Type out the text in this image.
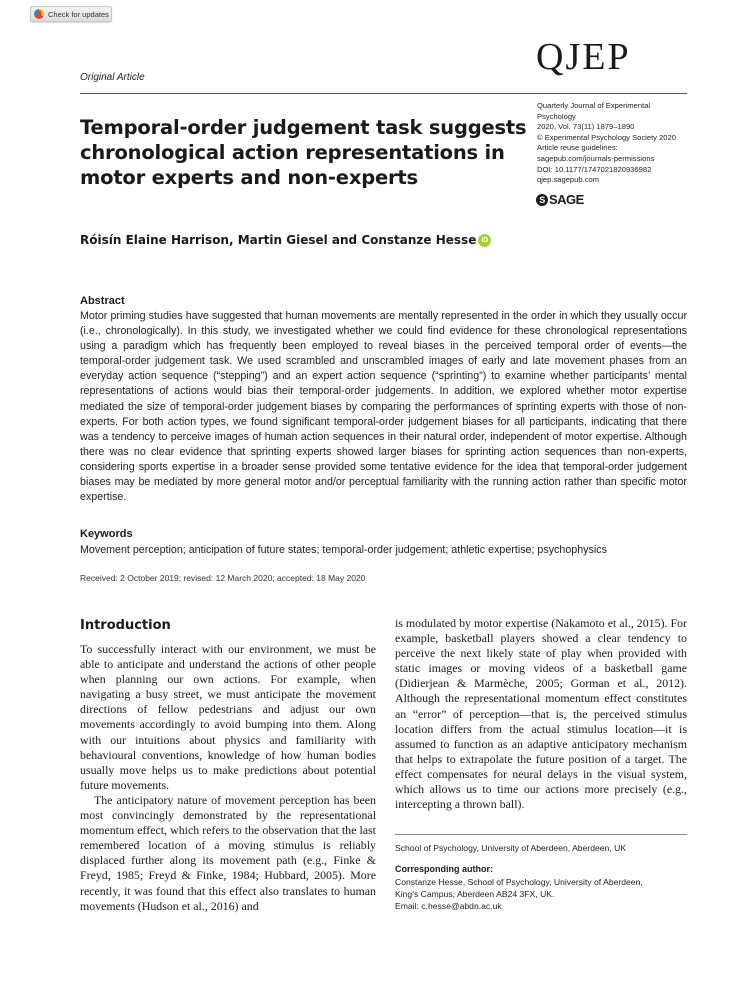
Check for updates
Original Article	QJEP
Quarterly Journal of Experimental
Psychology
2020, Vol. 73(11) 1879–1890
© Experimental Psychology Society 2020
Article reuse guidelines:
sagepub.com/journals-permissions
DOI: 10.1177/1747021820936982
qjep.sagepub.com
S SAGE
Temporal-order judgement task suggests chronological action representations in motor experts and non-experts
Róisín Elaine Harrison, Martin Giesel and Constanze Hesse iD
Abstract

Motor priming studies have suggested that human movements are mentally represented in the order in which they usually occur (i.e., chronologically). In this study, we investigated whether we could find evidence for these chronological representations using a paradigm which has frequently been employed to reveal biases in the perceived temporal order of events—the temporal-order judgement task. We used scrambled and unscrambled images of early and late movement phases from an everyday action sequence (“stepping”) and an expert action sequence (“sprinting”) to examine whether participants’ mental representations of actions would bias their temporal-order judgements. In addition, we explored whether motor expertise mediated the size of temporal-order judgement biases by comparing the performances of sprinting experts with those of non-experts. For both action types, we found significant temporal-order judgement biases for all participants, indicating that there was a tendency to perceive images of human action sequences in their natural order, independent of motor expertise. Although there was no clear evidence that sprinting experts showed larger biases for sprinting action sequences than non-experts, considering sports expertise in a broader sense provided some tentative evidence for the idea that temporal-order judgement biases may be mediated by more general motor and/or perceptual familiarity with the running action rather than specific motor expertise.

Keywords

Movement perception; anticipation of future states; temporal-order judgement; athletic expertise; psychophysics

Received: 2 October 2019; revised: 12 March 2020; accepted: 18 May 2020
Introduction

To successfully interact with our environment, we must be able to anticipate and understand the actions of other people when planning our own actions. For example, when navigating a busy street, we must anticipate the movement directions of fellow pedestrians and adjust our own movements accordingly to avoid bumping into them. Along with our intuitions about physics and familiarity with behavioural conventions, knowledge of how human bodies usually move helps us to make predictions about potential future movements.

The anticipatory nature of movement perception has been most convincingly demonstrated by the representational momentum effect, which refers to the observation that the last remembered location of a moving stimulus is reliably displaced further along its movement path (e.g., Finke & Freyd, 1985; Freyd & Finke, 1984; Hubbard, 2005). More recently, it was found that this effect also translates to human movements (Hudson et al., 2016) and

is modulated by motor expertise (Nakamoto et al., 2015). For example, basketball players showed a clear tendency to perceive the next likely state of play when provided with static images or moving videos of a basketball game (Didierjean & Marmèche, 2005; Gorman et al., 2012). Although the representational momentum effect constitutes an “error” of perception—that is, the perceived stimulus location differs from the actual stimulus location—it is assumed to function as an adaptive anticipatory mechanism that helps to extrapolate the future position of a target. The effect compensates for neural delays in the visual system, which allows us to time our actions more precisely (e.g., intercepting a thrown ball).

School of Psychology, University of Aberdeen, Aberdeen, UK
Corresponding author:
Constanze Hesse, School of Psychology, University of Aberdeen,
King’s Campus, Aberdeen AB24 3FX, UK.
Email: c.hesse@abdn.ac.uk
